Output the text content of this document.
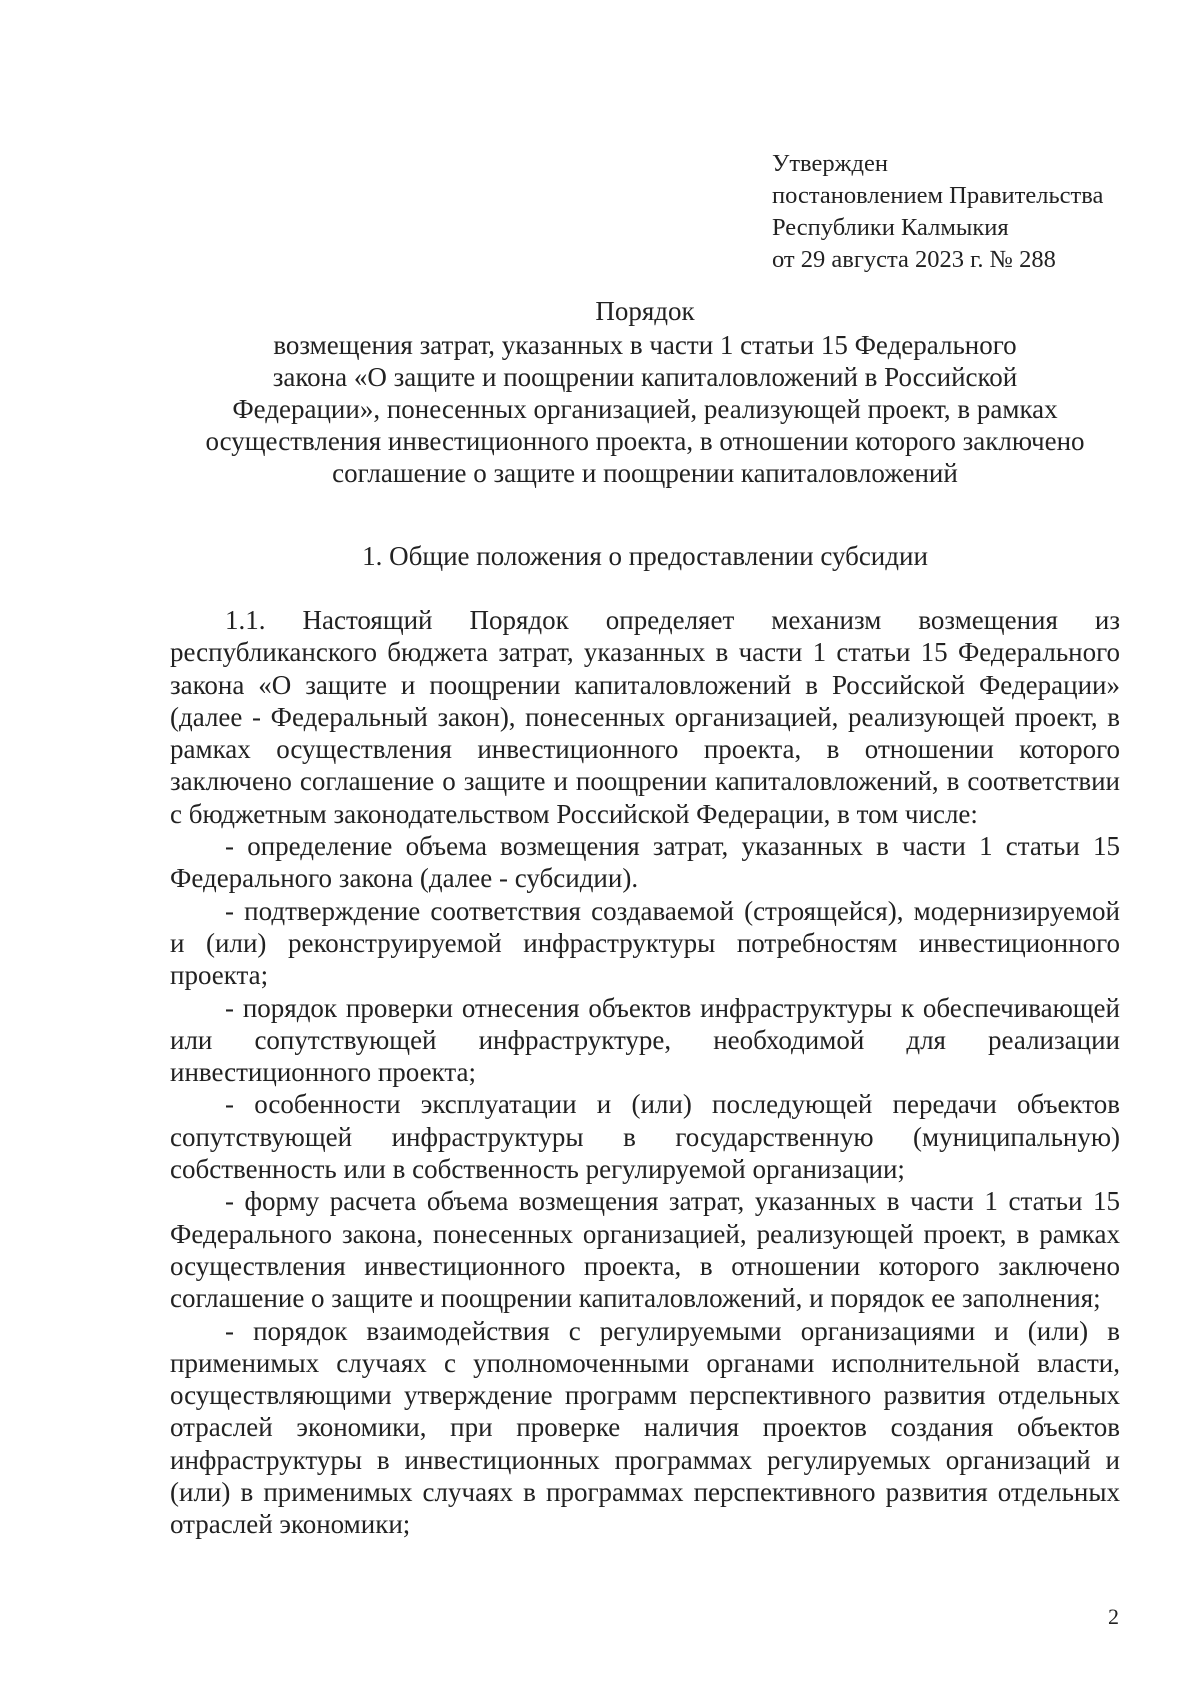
Утвержден
постановлением Правительства
Республики Калмыкия
от 29 августа 2023 г. № 288
Порядок
возмещения затрат, указанных в части 1 статьи 15 Федерального
закона «О защите и поощрении капиталовложений в Российской
Федерации», понесенных организацией, реализующей проект, в рамках
осуществления инвестиционного проекта, в отношении которого заключено
соглашение о защите и поощрении капиталовложений
1. Общие положения о предоставлении субсидии

1.1. Настоящий Порядок определяет механизм возмещения из республиканского бюджета затрат, указанных в части 1 статьи 15 Федерального закона «О защите и поощрении капиталовложений в Российской Федерации» (далее - Федеральный закон), понесенных организацией, реализующей проект, в рамках осуществления инвестиционного проекта, в отношении которого заключено соглашение о защите и поощрении капиталовложений, в соответствии с бюджетным законодательством Российской Федерации, в том числе:

- определение объема возмещения затрат, указанных в части 1 статьи 15 Федерального закона (далее - субсидии).

- подтверждение соответствия создаваемой (строящейся), модернизируемой и (или) реконструируемой инфраструктуры потребностям инвестиционного проекта;

- порядок проверки отнесения объектов инфраструктуры к обеспечивающей или сопутствующей инфраструктуре, необходимой для реализации инвестиционного проекта;

- особенности эксплуатации и (или) последующей передачи объектов сопутствующей инфраструктуры в государственную (муниципальную) собственность или в собственность регулируемой организации;

- форму расчета объема возмещения затрат, указанных в части 1 статьи 15 Федерального закона, понесенных организацией, реализующей проект, в рамках осуществления инвестиционного проекта, в отношении которого заключено соглашение о защите и поощрении капиталовложений, и порядок ее заполнения;

- порядок взаимодействия с регулируемыми организациями и (или) в применимых случаях с уполномоченными органами исполнительной власти, осуществляющими утверждение программ перспективного развития отдельных отраслей экономики, при проверке наличия проектов создания объектов инфраструктуры в инвестиционных программах регулируемых организаций и (или) в применимых случаях в программах перспективного развития отдельных отраслей экономики;

2
